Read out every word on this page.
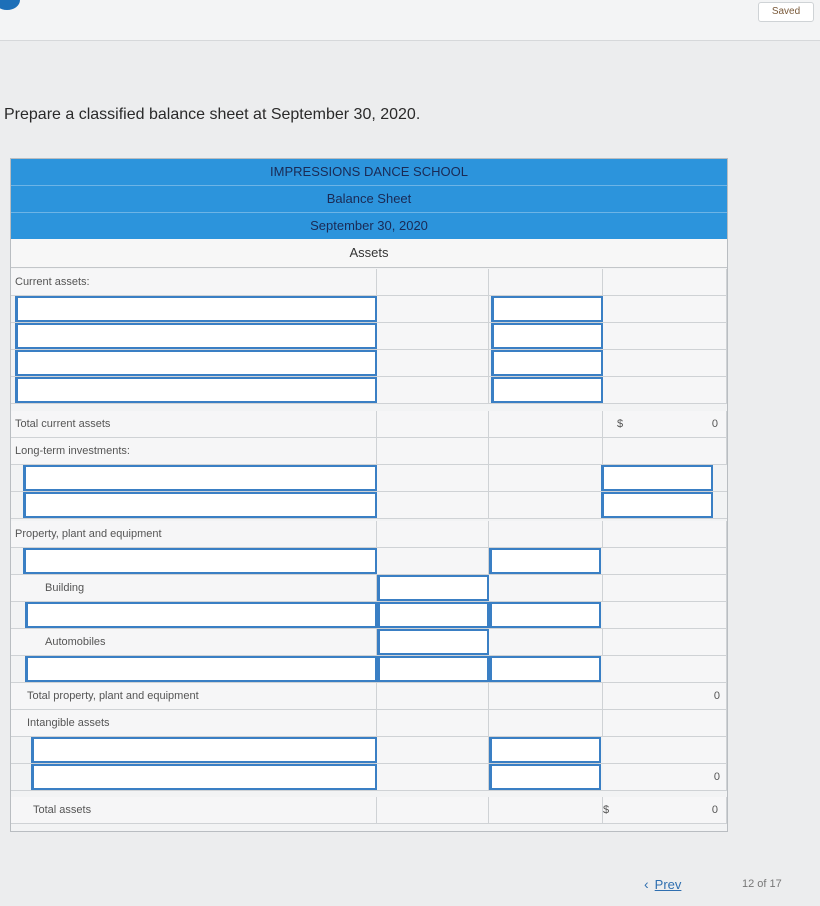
Saved
Prepare a classified balance sheet at September 30, 2020.
IMPRESSIONS DANCE SCHOOL
Balance Sheet
September 30, 2020
Assets
Current assets:
Total current assets	$	0
Long-term investments:
Property, plant and equipment
Building
Automobiles
Total property, plant and equipment	0
Intangible assets
0
Total assets	$	0
‹ Prev	12 of 17
